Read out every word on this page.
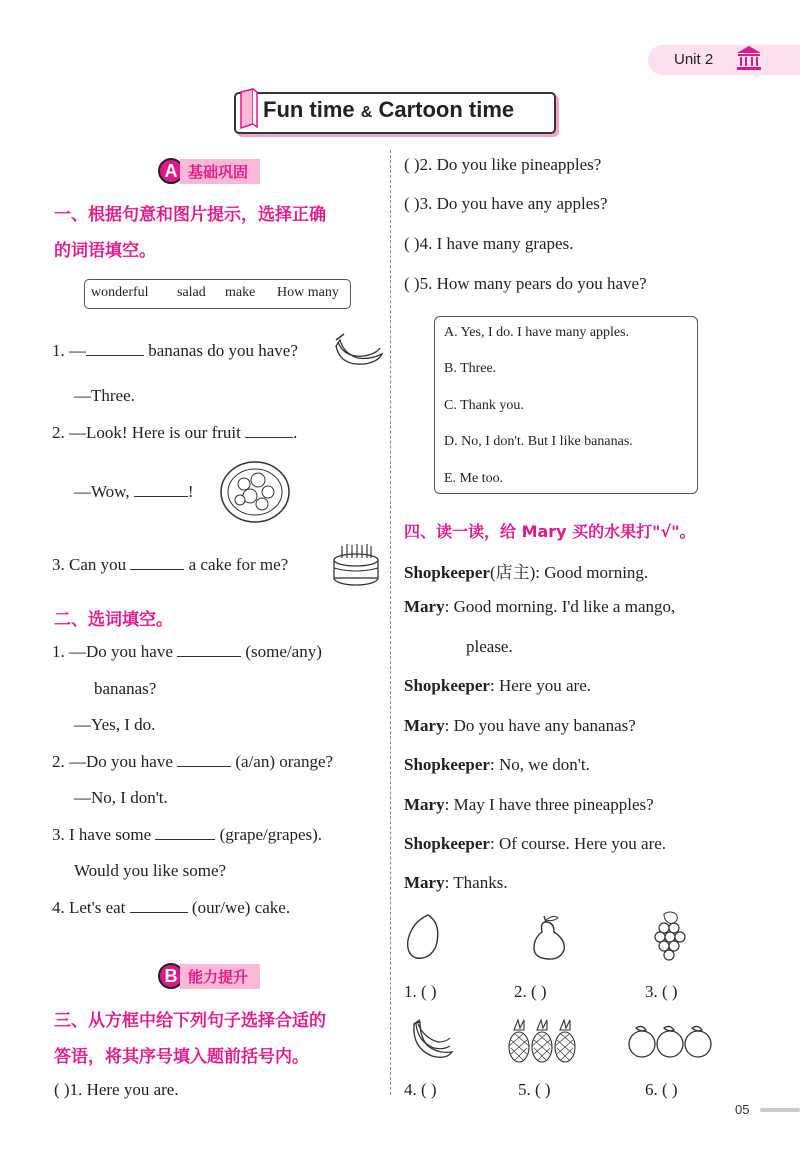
Unit 2
Fun time & Cartoon time
A 基础巩固
一、根据句意和图片提示，选择正确
的词语填空。
wonderful salad make How many
1. —	bananas do you have?
—Three.
2. —Look! Here is our fruit	.
—Wow,	!
3. Can you	a cake for me?
二、选词填空。
1. —Do you have	(some/any)
bananas?
—Yes, I do.
2. —Do you have	(a/an) orange?
—No, I don't.
3. I have some	(grape/grapes).
Would you like some?
4. Let's eat	(our/we) cake.
B 能力提升
三、从方框中给下列句子选择合适的
答语，将其序号填入题前括号内。
( )1. Here you are.
( )2. Do you like pineapples?
( )3. Do you have any apples?
( )4. I have many grapes.
( )5. How many pears do you have?
A. Yes, I do. I have many apples.
B. Three.
C. Thank you.
D. No, I don't. But I like bananas.
E. Me too.
四、读一读，给 Mary 买的水果打"√"。
Shopkeeper(店主): Good morning.
Mary: Good morning. I'd like a mango,
please.
Shopkeeper: Here you are.
Mary: Do you have any bananas?
Shopkeeper: No, we don't.
Mary: May I have three pineapples?
Shopkeeper: Of course. Here you are.
Mary: Thanks.
1. ( )	2. ( )	3. ( )
4. ( )	5. ( )	6. ( )
05
